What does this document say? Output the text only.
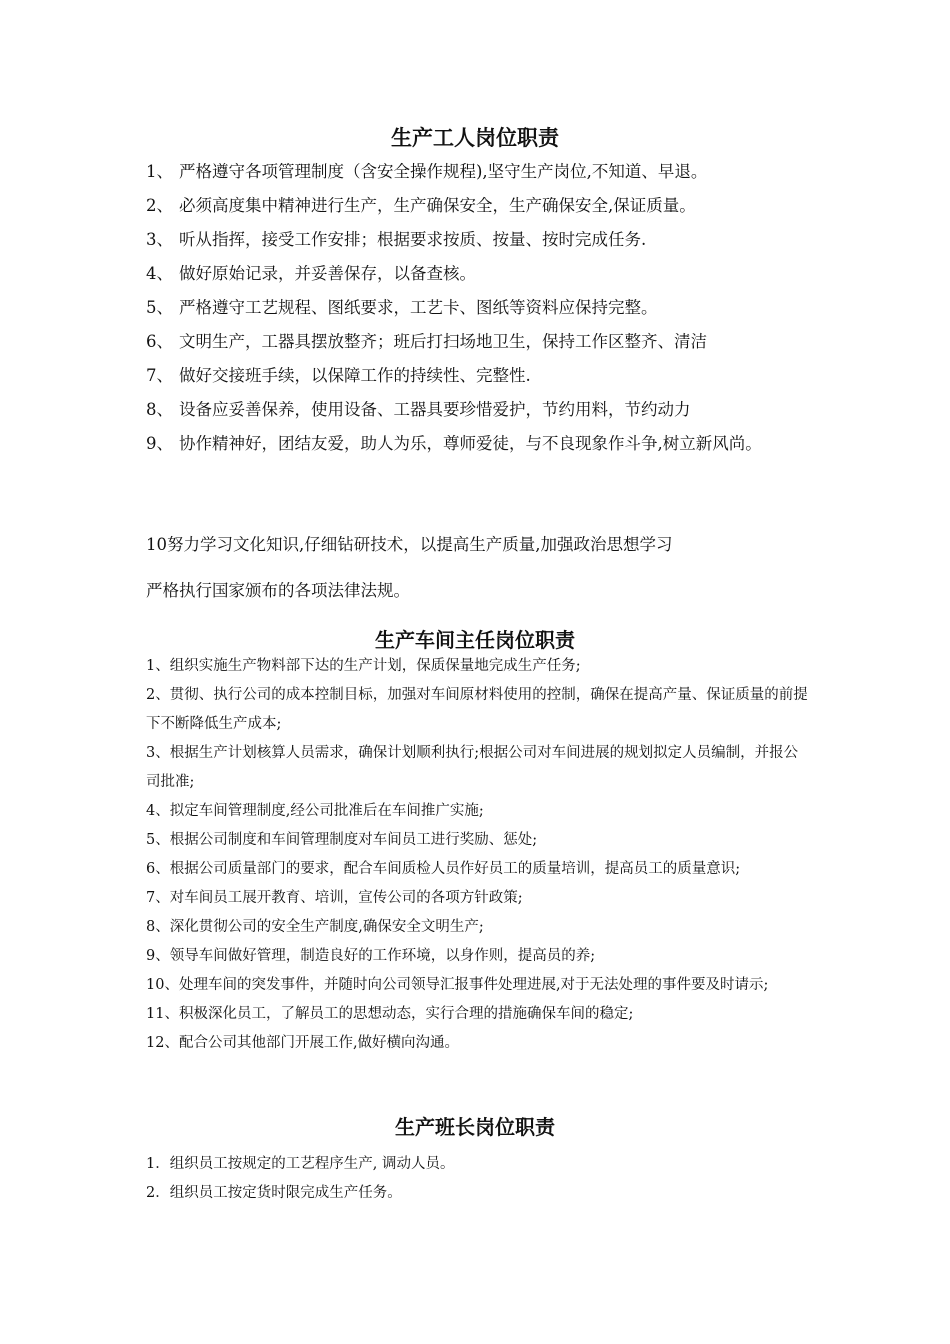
生产工人岗位职责
1、 严格遵守各项管理制度（含安全操作规程),坚守生产岗位,不知道、早退。
2、 必须高度集中精神进行生产，生产确保安全，生产确保安全,保证质量。
3、 听从指挥，接受工作安排；根据要求按质、按量、按时完成任务.
4、 做好原始记录，并妥善保存，以备查核。
5、 严格遵守工艺规程、图纸要求，工艺卡、图纸等资料应保持完整。
6、 文明生产，工器具摆放整齐；班后打扫场地卫生，保持工作区整齐、清洁
7、 做好交接班手续，以保障工作的持续性、完整性.
8、 设备应妥善保养，使用设备、工器具要珍惜爱护，节约用料，节约动力
9、 协作精神好，团结友爱，助人为乐，尊师爱徒，与不良现象作斗争,树立新风尚。

10努力学习文化知识,仔细钻研技术，以提高生产质量,加强政治思想学习

严格执行国家颁布的各项法律法规。

生产车间主任岗位职责
1、组织实施生产物料部下达的生产计划，保质保量地完成生产任务;
2、贯彻、执行公司的成本控制目标，加强对车间原材料使用的控制，确保在提高产量、保证质量的前提下不断降低生产成本;
3、根据生产计划核算人员需求，确保计划顺利执行;根据公司对车间进展的规划拟定人员编制，并报公司批准;
4、拟定车间管理制度,经公司批准后在车间推广实施;
5、根据公司制度和车间管理制度对车间员工进行奖励、惩处;
6、根据公司质量部门的要求，配合车间质检人员作好员工的质量培训，提高员工的质量意识;
7、对车间员工展开教育、培训，宣传公司的各项方针政策;
8、深化贯彻公司的安全生产制度,确保安全文明生产;
9、领导车间做好管理，制造良好的工作环境，以身作则，提高员的养;
10、处理车间的突发事件，并随时向公司领导汇报事件处理进展,对于无法处理的事件要及时请示;
11、积极深化员工，了解员工的思想动态，实行合理的措施确保车间的稳定;
12、配合公司其他部门开展工作,做好横向沟通。
生产班长岗位职责
1．组织员工按规定的工艺程序生产, 调动人员。
2．组织员工按定货时限完成生产任务。
